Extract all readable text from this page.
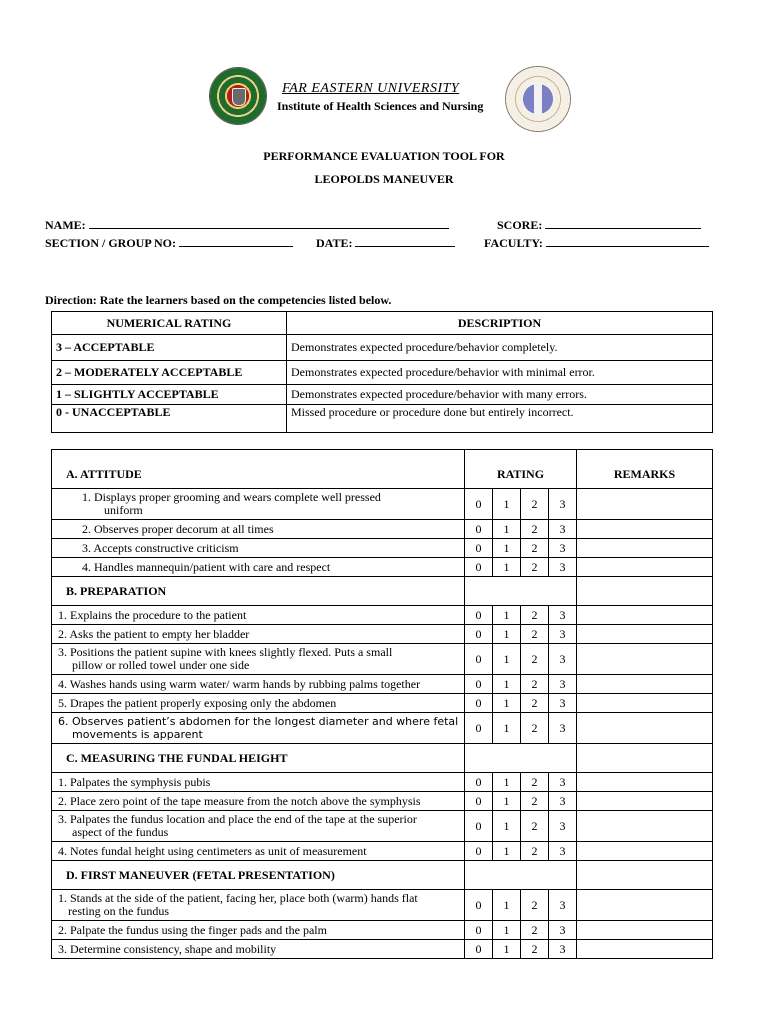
FAR EASTERN UNIVERSITY
Institute of Health Sciences and Nursing
PERFORMANCE EVALUATION TOOL FOR
LEOPOLDS MANEUVER
NAME:	SCORE:
SECTION / GROUP NO:	DATE:	FACULTY:
Direction: Rate the learners based on the competencies listed below.
NUMERICAL RATING	DESCRIPTION
3 – ACCEPTABLE	Demonstrates expected procedure/behavior completely.
2 – MODERATELY ACCEPTABLE	Demonstrates expected procedure/behavior with minimal error.
1 – SLIGHTLY ACCEPTABLE	Demonstrates expected procedure/behavior with many errors.
0 - UNACCEPTABLE	Missed procedure or procedure done but entirely incorrect.
A. ATTITUDE	RATING				REMARKS
1. Displays proper grooming and wears complete well pressed
uniform	0	1	2	3	
2. Observes proper decorum at all times	0	1	2	3	
3. Accepts constructive criticism	0	1	2	3	
4. Handles mannequin/patient with care and respect	0	1	2	3	
B. PREPARATION					
1. Explains the procedure to the patient	0	1	2	3	
2. Asks the patient to empty her bladder	0	1	2	3	
3. Positions the patient supine with knees slightly flexed. Puts a small
pillow or rolled towel under one side	0	1	2	3	
4. Washes hands using warm water/ warm hands by rubbing palms together	0	1	2	3	
5. Drapes the patient properly exposing only the abdomen	0	1	2	3	
6. Observes patient’s abdomen for the longest diameter and where fetal
movements is apparent	0	1	2	3	
C. MEASURING THE FUNDAL HEIGHT					
1. Palpates the symphysis pubis	0	1	2	3	
2. Place zero point of the tape measure from the notch above the symphysis	0	1	2	3	
3. Palpates the fundus location and place the end of the tape at the superior
aspect of the fundus	0	1	2	3	
4. Notes fundal height using centimeters as unit of measurement	0	1	2	3	
D. FIRST MANEUVER (FETAL PRESENTATION)					
1. Stands at the side of the patient, facing her, place both (warm) hands flat
resting on the fundus	0	1	2	3	
2. Palpate the fundus using the finger pads and the palm	0	1	2	3	
3. Determine consistency, shape and mobility	0	1	2	3	
